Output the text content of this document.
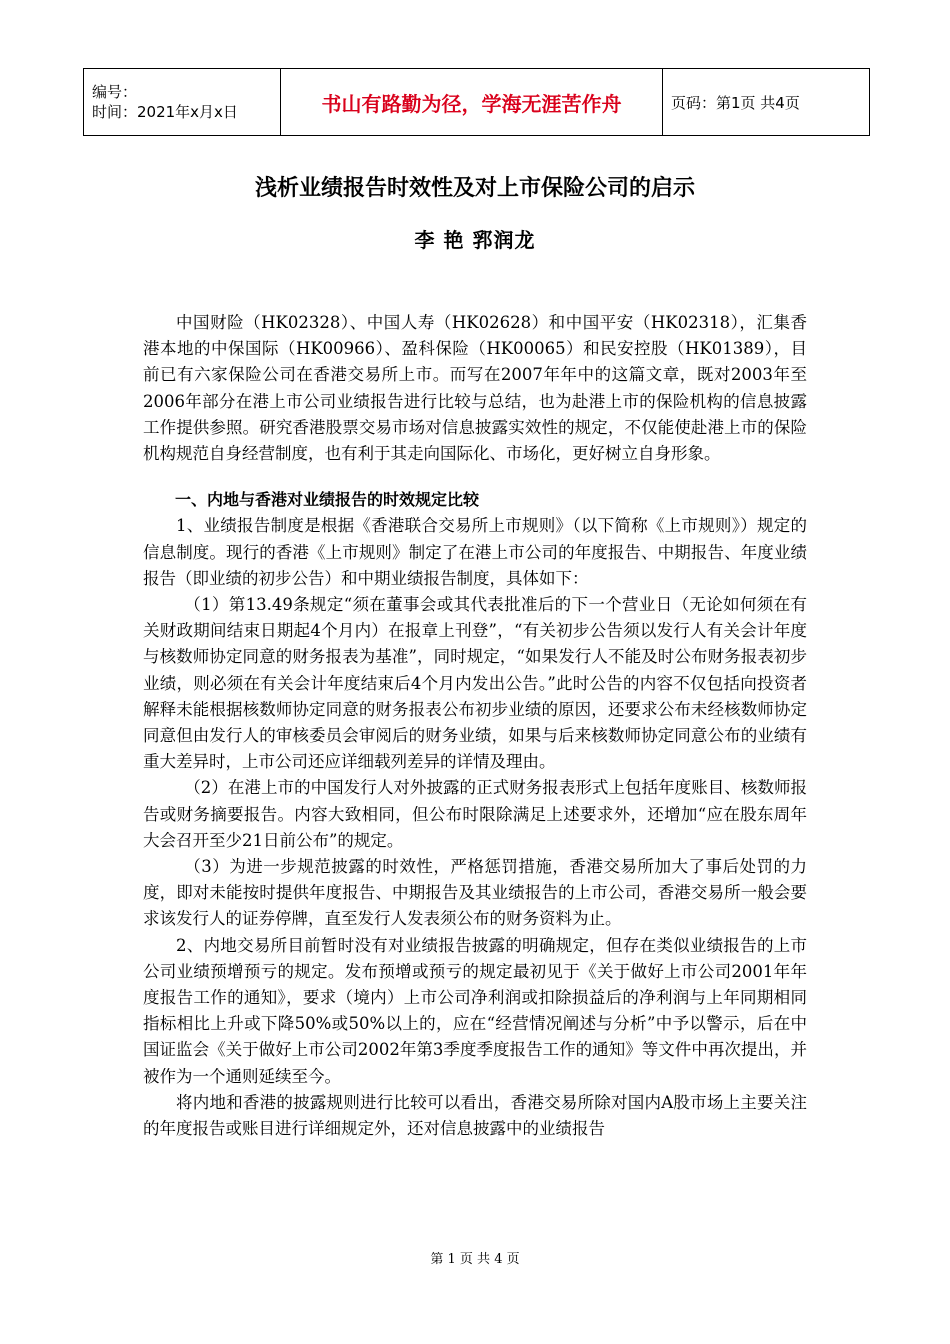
编号：
时间：2021年x月x日	书山有路勤为径，学海无涯苦作舟	页码：第1页 共4页
浅析业绩报告时效性及对上市保险公司的启示
李 艳 郛润龙

中国财险（HK02328）、中国人寿（HK02628）和中国平安（HK02318），汇集香港本地的中保国际（HK00966）、盈科保险（HK00065）和民安控股（HK01389），目前已有六家保险公司在香港交易所上市。而写在2007年年中的这篇文章，既对2003年至2006年部分在港上市公司业绩报告进行比较与总结，也为赴港上市的保险机构的信息披露工作提供参照。研究香港股票交易市场对信息披露实效性的规定，不仅能使赴港上市的保险机构规范自身经营制度，也有利于其走向国际化、市场化，更好树立自身形象。

一、内地与香港对业绩报告的时效规定比较

1、业绩报告制度是根据《香港联合交易所上市规则》（以下简称《上市规则》）规定的信息制度。现行的香港《上市规则》制定了在港上市公司的年度报告、中期报告、年度业绩报告（即业绩的初步公告）和中期业绩报告制度，具体如下：

（1）第13.49条规定“须在董事会或其代表批准后的下一个营业日（无论如何须在有关财政期间结束日期起4个月内）在报章上刊登”，“有关初步公告须以发行人有关会计年度与核数师协定同意的财务报表为基准”，同时规定，“如果发行人不能及时公布财务报表初步业绩，则必须在有关会计年度结束后4个月内发出公告。”此时公告的内容不仅包括向投资者解释未能根据核数师协定同意的财务报表公布初步业绩的原因，还要求公布未经核数师协定同意但由发行人的审核委员会审阅后的财务业绩，如果与后来核数师协定同意公布的业绩有重大差异时，上市公司还应详细载列差异的详情及理由。

（2）在港上市的中国发行人对外披露的正式财务报表形式上包括年度账目、核数师报告或财务摘要报告。内容大致相同，但公布时限除满足上述要求外，还增加“应在股东周年大会召开至少21日前公布”的规定。

（3）为进一步规范披露的时效性，严格惩罚措施，香港交易所加大了事后处罚的力度，即对未能按时提供年度报告、中期报告及其业绩报告的上市公司，香港交易所一般会要求该发行人的证券停牌，直至发行人发表须公布的财务资料为止。

2、内地交易所目前暂时没有对业绩报告披露的明确规定，但存在类似业绩报告的上市公司业绩预增预亏的规定。发布预增或预亏的规定最初见于《关于做好上市公司2001年年度报告工作的通知》，要求（境内）上市公司净利润或扣除损益后的净利润与上年同期相同指标相比上升或下降50%或50%以上的，应在“经营情况阐述与分析”中予以警示，后在中国证监会《关于做好上市公司2002年第3季度季度报告工作的通知》等文件中再次提出，并被作为一个通则延续至今。

将内地和香港的披露规则进行比较可以看出，香港交易所除对国内A股市场上主要关注的年度报告或账目进行详细规定外，还对信息披露中的业绩报告

第 1 页 共 4 页
